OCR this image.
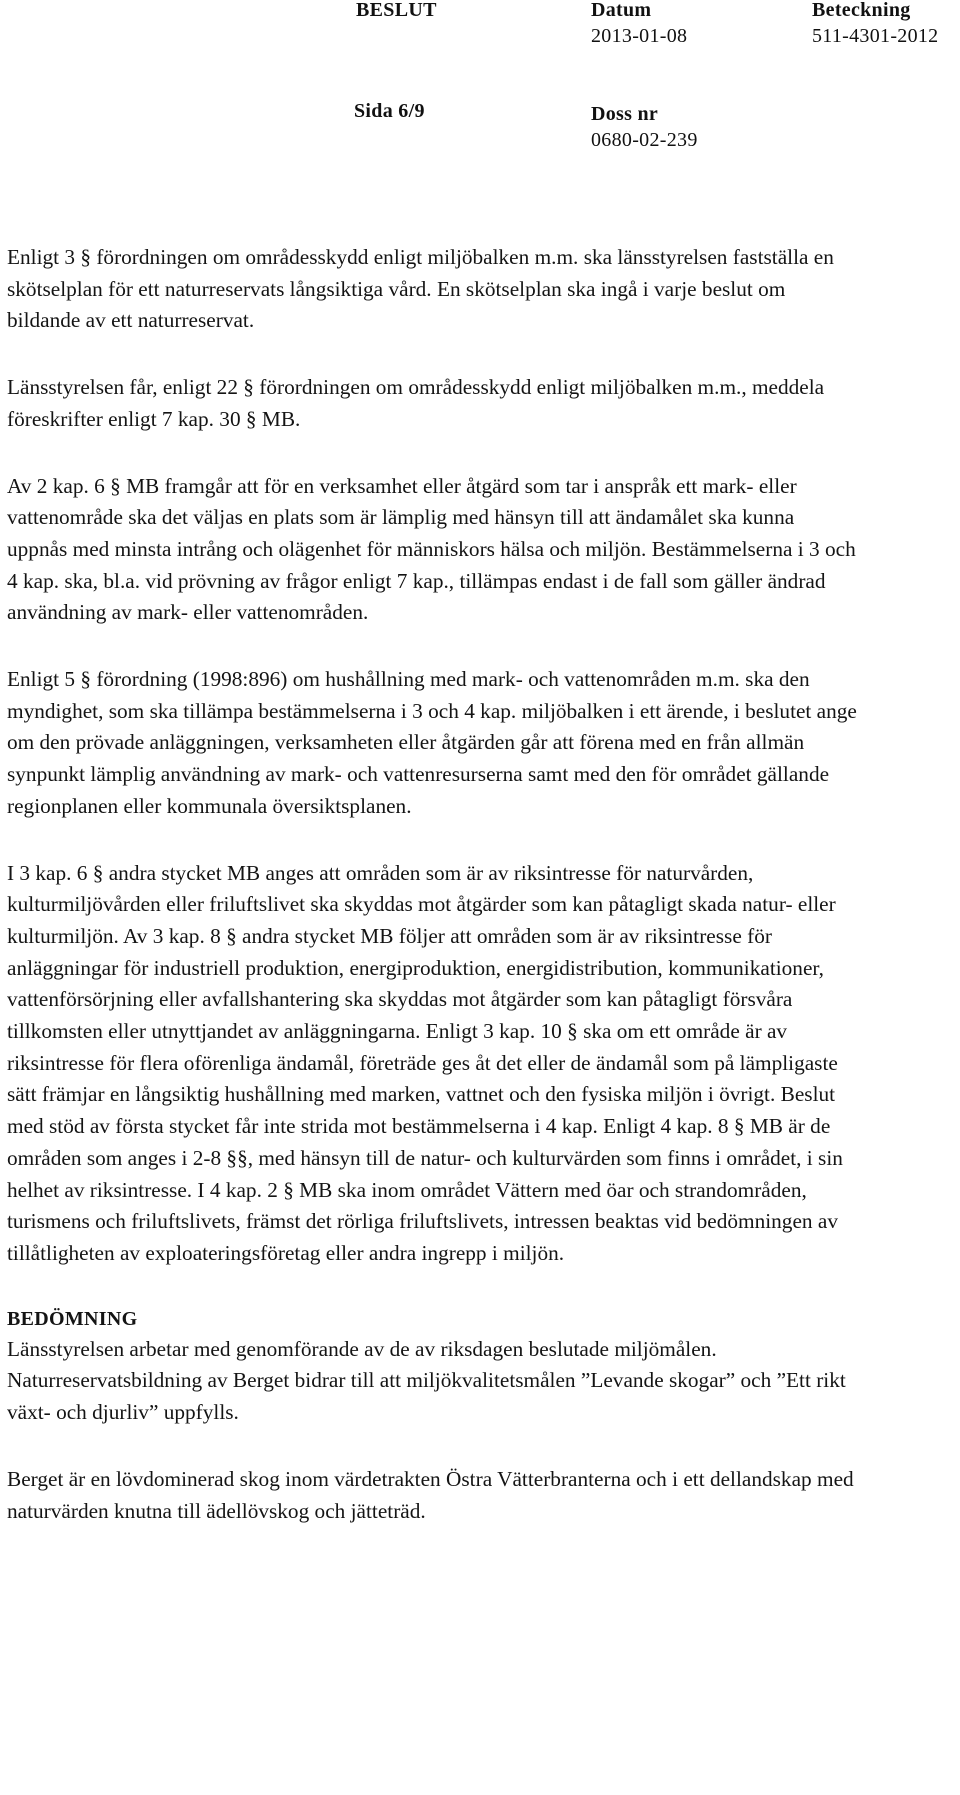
BESLUT	Datum
2013-01-08
Beteckning
511-4301-2012
Sida 6/9	Doss nr
0680-02-239

Enligt 3 § förordningen om områdesskydd enligt miljöbalken m.m. ska länsstyrelsen fastställa en skötselplan för ett naturreservats långsiktiga vård. En skötselplan ska ingå i varje beslut om bildande av ett naturreservat.

Länsstyrelsen får, enligt 22 § förordningen om områdesskydd enligt miljöbalken m.m., meddela föreskrifter enligt 7 kap. 30 § MB.

Av 2 kap. 6 § MB framgår att för en verksamhet eller åtgärd som tar i anspråk ett mark- eller vattenområde ska det väljas en plats som är lämplig med hänsyn till att ändamålet ska kunna uppnås med minsta intrång och olägenhet för människors hälsa och miljön. Bestämmelserna i 3 och 4 kap. ska, bl.a. vid prövning av frågor enligt 7 kap., tillämpas endast i de fall som gäller ändrad användning av mark- eller vattenområden.

Enligt 5 § förordning (1998:896) om hushållning med mark- och vattenområden m.m. ska den myndighet, som ska tillämpa bestämmelserna i 3 och 4 kap. miljöbalken i ett ärende, i beslutet ange om den prövade anläggningen, verksamheten eller åtgärden går att förena med en från allmän synpunkt lämplig användning av mark- och vattenresurserna samt med den för området gällande regionplanen eller kommunala översiktsplanen.

I 3 kap. 6 § andra stycket MB anges att områden som är av riksintresse för naturvården, kulturmiljövården eller friluftslivet ska skyddas mot åtgärder som kan påtagligt skada natur- eller kulturmiljön. Av 3 kap. 8 § andra stycket MB följer att områden som är av riksintresse för anläggningar för industriell produktion, energiproduktion, energidistribution, kommunikationer, vattenförsörjning eller avfallshantering ska skyddas mot åtgärder som kan påtagligt försvåra tillkomsten eller utnyttjandet av anläggningarna. Enligt 3 kap. 10 § ska om ett område är av riksintresse för flera oförenliga ändamål, företräde ges åt det eller de ändamål som på lämpligaste sätt främjar en långsiktig hushållning med marken, vattnet och den fysiska miljön i övrigt. Beslut med stöd av första stycket får inte strida mot bestämmelserna i 4 kap. Enligt 4 kap. 8 § MB är de områden som anges i 2-8 §§, med hänsyn till de natur- och kulturvärden som finns i området, i sin helhet av riksintresse. I 4 kap. 2 § MB ska inom området Vättern med öar och strandområden, turismens och friluftslivets, främst det rörliga friluftslivets, intressen beaktas vid bedömningen av tillåtligheten av exploateringsföretag eller andra ingrepp i miljön.

BEDÖMNING

Länsstyrelsen arbetar med genomförande av de av riksdagen beslutade miljömålen. Naturreservatsbildning av Berget bidrar till att miljökvalitetsmålen ”Levande skogar” och ”Ett rikt växt- och djurliv” uppfylls.

Berget är en lövdominerad skog inom värdetrakten Östra Vätterbranterna och i ett dellandskap med naturvärden knutna till ädellövskog och jätteträd.
